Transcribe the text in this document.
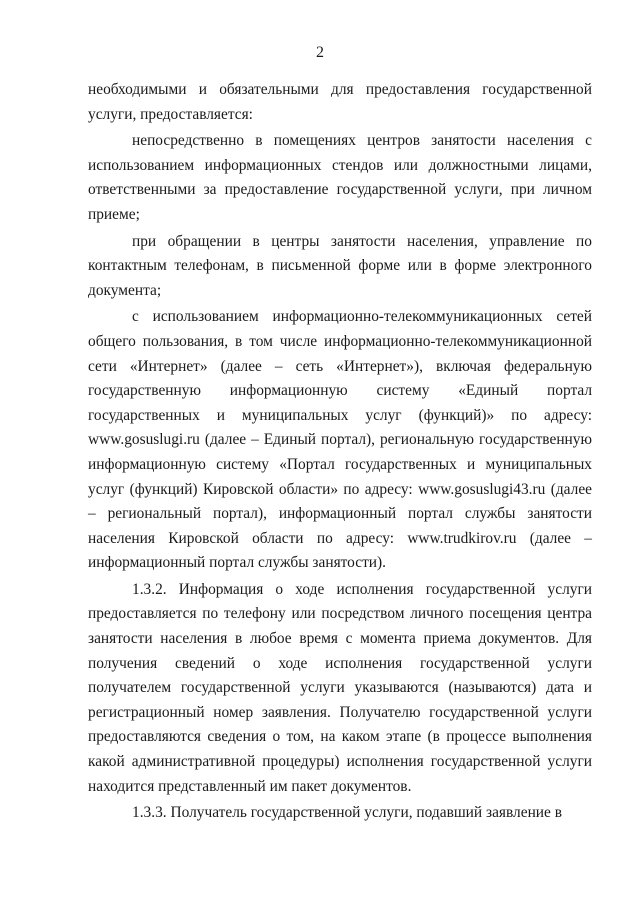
2

необходимыми и обязательными для предоставления государственной услуги, предоставляется:

непосредственно в помещениях центров занятости населения с использованием информационных стендов или должностными лицами, ответственными за предоставление государственной услуги, при личном приеме;

при обращении в центры занятости населения, управление по контактным телефонам, в письменной форме или в форме электронного документа;

с использованием информационно-телекоммуникационных сетей общего пользования, в том числе информационно-телекоммуникационной сети «Интернет» (далее – сеть «Интернет»), включая федеральную государственную информационную систему «Единый портал государственных и муниципальных услуг (функций)» по адресу: www.gosuslugi.ru (далее – Единый портал), региональную государственную информационную систему «Портал государственных и муниципальных услуг (функций) Кировской области» по адресу: www.gosuslugi43.ru (далее – региональный портал), информационный портал службы занятости населения Кировской области по адресу: www.trudkirov.ru (далее – информационный портал службы занятости).

1.3.2. Информация о ходе исполнения государственной услуги предоставляется по телефону или посредством личного посещения центра занятости населения в любое время с момента приема документов. Для получения сведений о ходе исполнения государственной услуги получателем государственной услуги указываются (называются) дата и регистрационный номер заявления. Получателю государственной услуги предоставляются сведения о том, на каком этапе (в процессе выполнения какой административной процедуры) исполнения государственной услуги находится представленный им пакет документов.

1.3.3. Получатель государственной услуги, подавший заявление в
